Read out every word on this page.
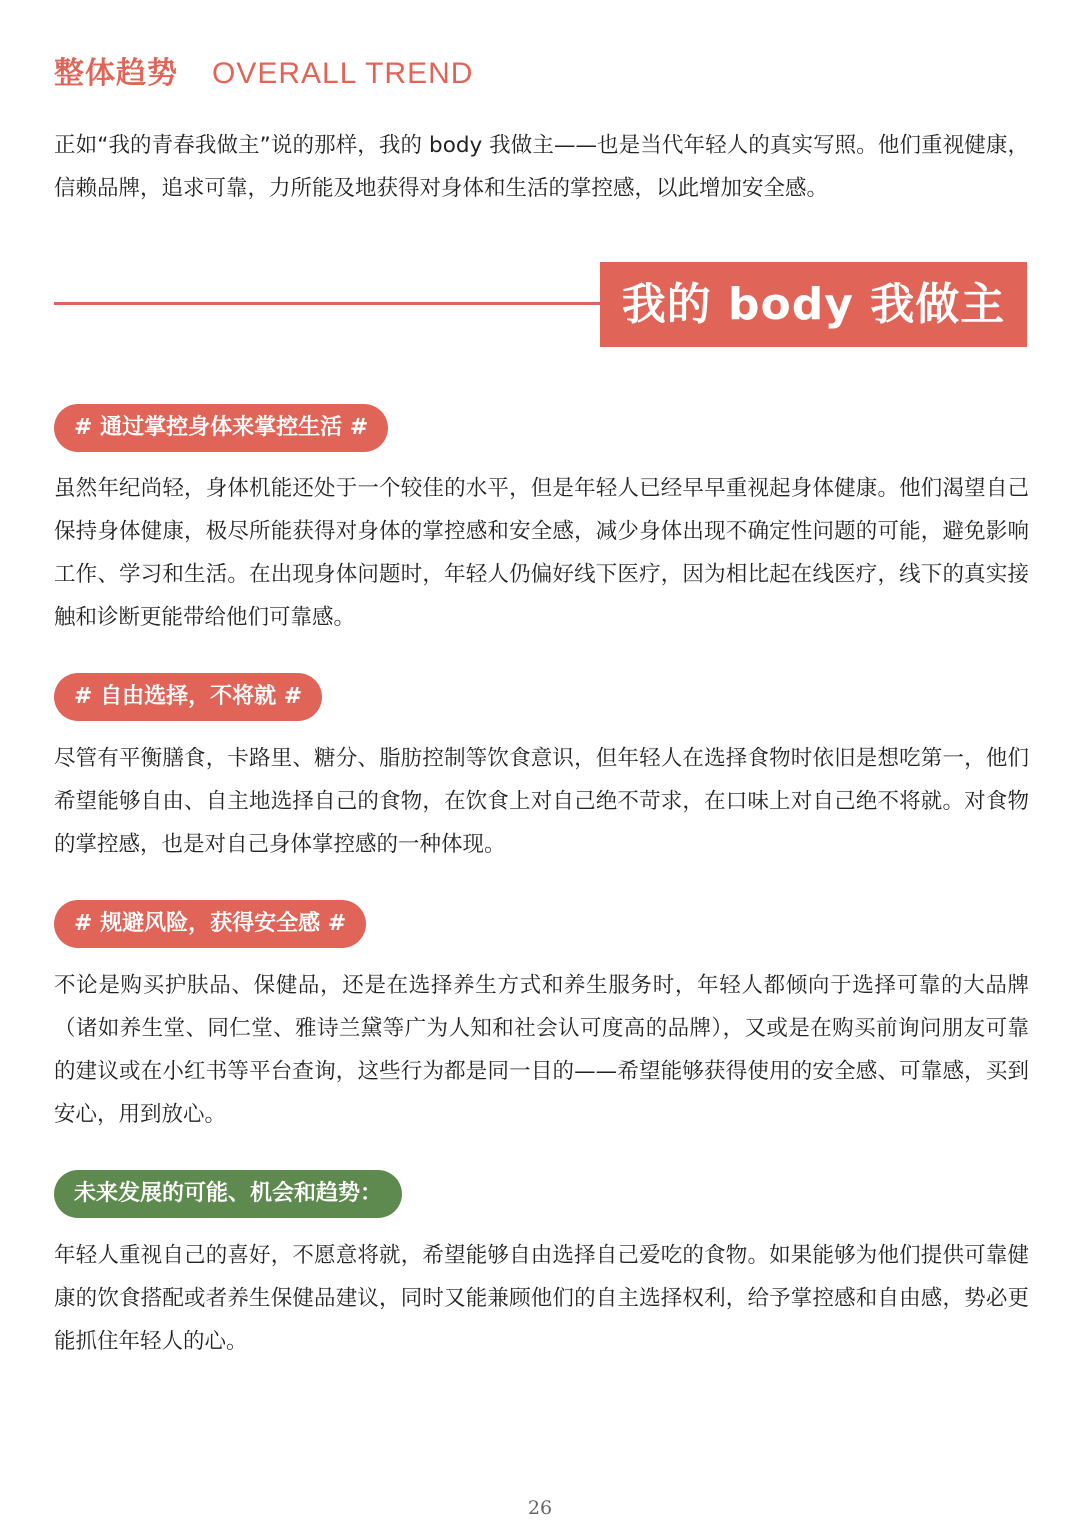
整体趋势 OVERALL TREND

正如“我的青春我做主”说的那样，我的 body 我做主——也是当代年轻人的真实写照。他们重视健康，信赖品牌，追求可靠，力所能及地获得对身体和生活的掌控感，以此增加安全感。

我的 body 我做主
# 通过掌控身体来掌控生活 #

虽然年纪尚轻，身体机能还处于一个较佳的水平，但是年轻人已经早早重视起身体健康。他们渴望自己保持身体健康，极尽所能获得对身体的掌控感和安全感，减少身体出现不确定性问题的可能，避免影响工作、学习和生活。在出现身体问题时，年轻人仍偏好线下医疗，因为相比起在线医疗，线下的真实接触和诊断更能带给他们可靠感。

# 自由选择，不将就 #

尽管有平衡膳食，卡路里、糖分、脂肪控制等饮食意识，但年轻人在选择食物时依旧是想吃第一，他们希望能够自由、自主地选择自己的食物，在饮食上对自己绝不苛求，在口味上对自己绝不将就。对食物的掌控感，也是对自己身体掌控感的一种体现。

# 规避风险，获得安全感 #

不论是购买护肤品、保健品，还是在选择养生方式和养生服务时，年轻人都倾向于选择可靠的大品牌（诸如养生堂、同仁堂、雅诗兰黛等广为人知和社会认可度高的品牌），又或是在购买前询问朋友可靠的建议或在小红书等平台查询，这些行为都是同一目的——希望能够获得使用的安全感、可靠感，买到安心，用到放心。

未来发展的可能、机会和趋势：

年轻人重视自己的喜好，不愿意将就，希望能够自由选择自己爱吃的食物。如果能够为他们提供可靠健康的饮食搭配或者养生保健品建议，同时又能兼顾他们的自主选择权利，给予掌控感和自由感，势必更能抓住年轻人的心。

26
